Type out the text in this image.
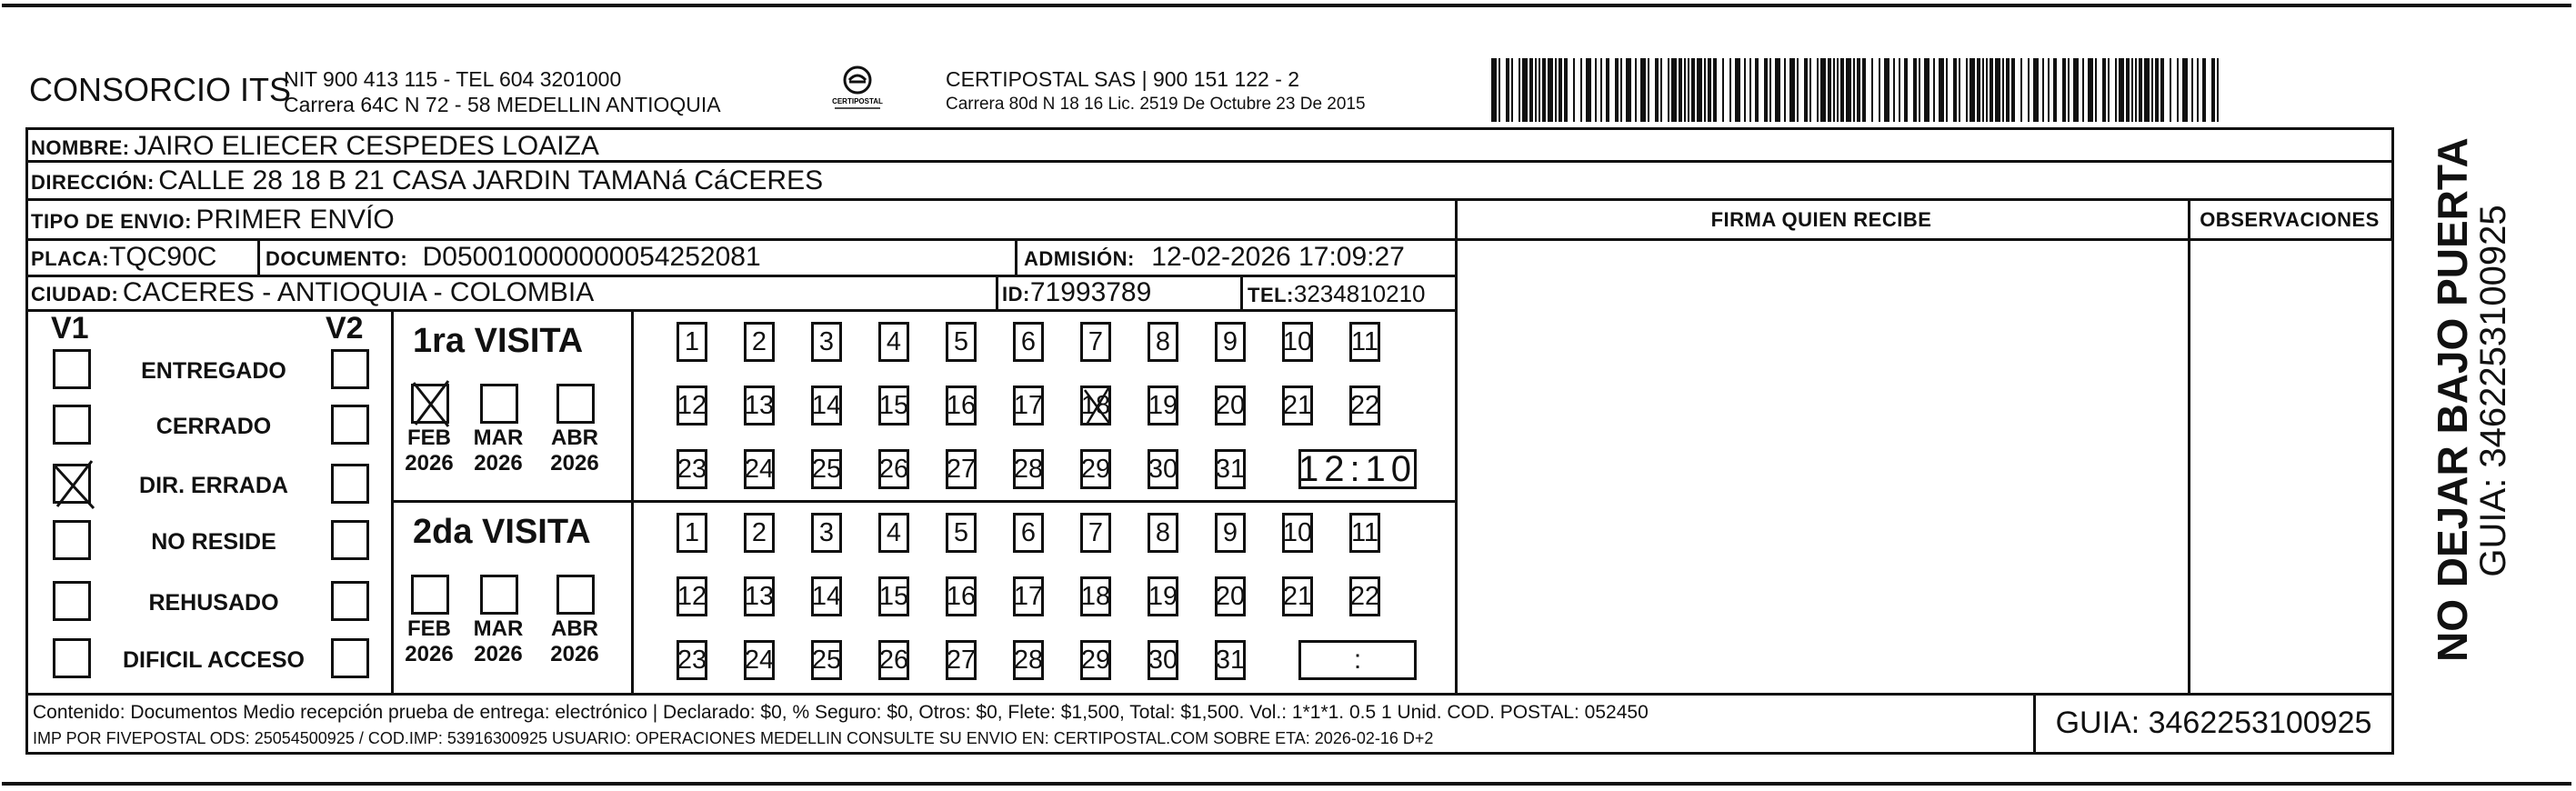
CONSORCIO ITS
NIT 900 413 115 - TEL 604 3201000
Carrera 64C N 72 - 58 MEDELLIN ANTIOQUIA	CERTIPOSTAL
CERTIPOSTAL SAS | 900 151 122 - 2
Carrera 80d N 18 16 Lic. 2519 De Octubre 23 De 2015
NOMBRE: JAIRO ELIECER CESPEDES LOAIZA
DIRECCIÓN: CALLE 28 18 B 21 CASA JARDIN TAMANá CáCERES
TIPO DE ENVIO: PRIMER ENVÍO
PLACA:TQC90C DOCUMENTO: D050010000000054252081	ADMISIÓN: 12-02-2026 17:09:27
CIUDAD: CACERES - ANTIOQUIA - COLOMBIA	ID:71993789	TEL:3234810210
FIRMA QUIEN RECIBE	OBSERVACIONES
V1	V2
ENTREGADO
CERRADO
DIR. ERRADA
NO RESIDE
REHUSADO
DIFICIL ACCESO
1ra VISITA
FEB
2026
MAR
2026
ABR
2026
1	2	3	4	5	6	7	8	9	10 11
12 13 14 15 16 17 18 19 20 21 22
23 24 25 26 27 28 29 30 31 12:10
2da VISITA
FEB
2026
MAR
2026
ABR
2026
1	2	3	4	5	6	7	8	9	10 11
12 13 14 15 16 17 18 19 20 21 22
23 24 25 26 27 28 29 30 31	:
Contenido: Documentos Medio recepción prueba de entrega: electrónico | Declarado: $0, % Seguro: $0, Otros: $0, Flete: $1,500, Total: $1,500. Vol.: 1*1*1. 0.5 1 Unid. COD. POSTAL: 052450
IMP POR FIVEPOSTAL ODS: 25054500925 / COD.IMP: 53916300925 USUARIO: OPERACIONES MEDELLIN CONSULTE SU ENVIO EN: CERTIPOSTAL.COM SOBRE ETA: 2026-02-16 D+2	GUIA: 3462253100925
NO DEJAR BAJO PUERTA
GUIA: 3462253100925
